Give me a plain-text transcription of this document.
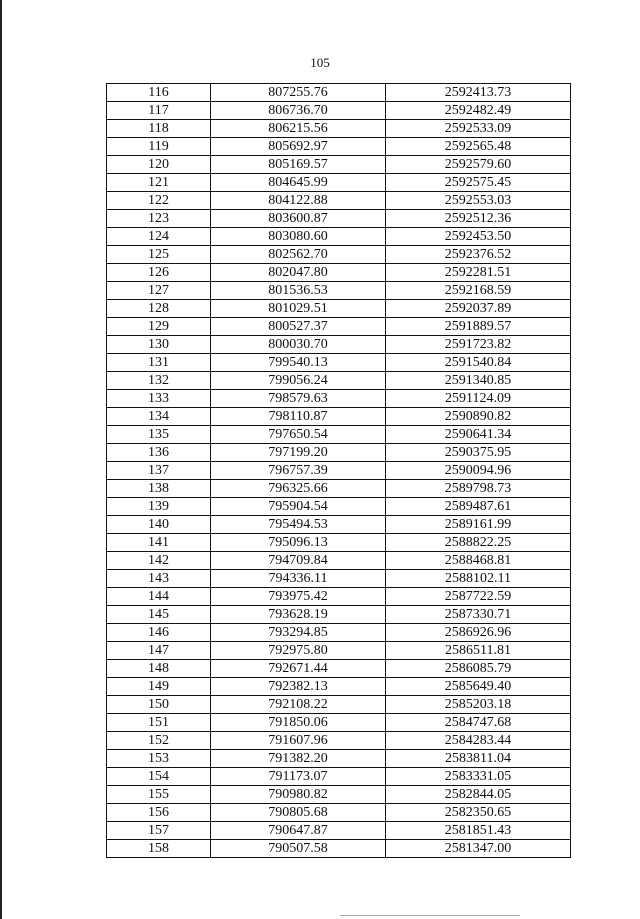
105
116	807255.76	2592413.73
117	806736.70	2592482.49
118	806215.56	2592533.09
119	805692.97	2592565.48
120	805169.57	2592579.60
121	804645.99	2592575.45
122	804122.88	2592553.03
123	803600.87	2592512.36
124	803080.60	2592453.50
125	802562.70	2592376.52
126	802047.80	2592281.51
127	801536.53	2592168.59
128	801029.51	2592037.89
129	800527.37	2591889.57
130	800030.70	2591723.82
131	799540.13	2591540.84
132	799056.24	2591340.85
133	798579.63	2591124.09
134	798110.87	2590890.82
135	797650.54	2590641.34
136	797199.20	2590375.95
137	796757.39	2590094.96
138	796325.66	2589798.73
139	795904.54	2589487.61
140	795494.53	2589161.99
141	795096.13	2588822.25
142	794709.84	2588468.81
143	794336.11	2588102.11
144	793975.42	2587722.59
145	793628.19	2587330.71
146	793294.85	2586926.96
147	792975.80	2586511.81
148	792671.44	2586085.79
149	792382.13	2585649.40
150	792108.22	2585203.18
151	791850.06	2584747.68
152	791607.96	2584283.44
153	791382.20	2583811.04
154	791173.07	2583331.05
155	790980.82	2582844.05
156	790805.68	2582350.65
157	790647.87	2581851.43
158	790507.58	2581347.00
